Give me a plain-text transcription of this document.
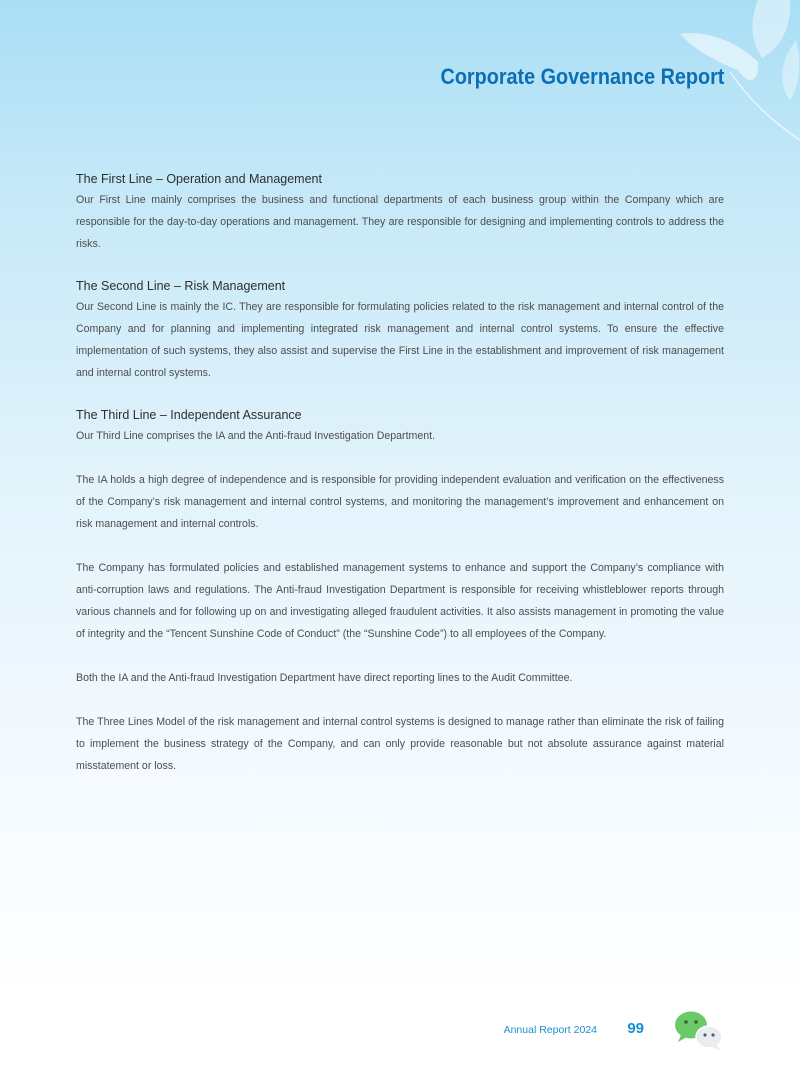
Corporate Governance Report
The First Line – Operation and Management

Our First Line mainly comprises the business and functional departments of each business group within the Company which are responsible for the day-to-day operations and management. They are responsible for designing and implementing controls to address the risks.

The Second Line – Risk Management

Our Second Line is mainly the IC. They are responsible for formulating policies related to the risk management and internal control of the Company and for planning and implementing integrated risk management and internal control systems. To ensure the effective implementation of such systems, they also assist and supervise the First Line in the establishment and improvement of risk management and internal control systems.

The Third Line – Independent Assurance

Our Third Line comprises the IA and the Anti-fraud Investigation Department.

The IA holds a high degree of independence and is responsible for providing independent evaluation and verification on the effectiveness of the Company’s risk management and internal control systems, and monitoring the management’s improvement and enhancement on risk management and internal controls.

The Company has formulated policies and established management systems to enhance and support the Company’s compliance with anti-corruption laws and regulations. The Anti-fraud Investigation Department is responsible for receiving whistleblower reports through various channels and for following up on and investigating alleged fraudulent activities. It also assists management in promoting the value of integrity and the “Tencent Sunshine Code of Conduct” (the “Sunshine Code”) to all employees of the Company.

Both the IA and the Anti-fraud Investigation Department have direct reporting lines to the Audit Committee.

The Three Lines Model of the risk management and internal control systems is designed to manage rather than eliminate the risk of failing to implement the business strategy of the Company, and can only provide reasonable but not absolute assurance against material misstatement or loss.

Annual Report 2024 99
